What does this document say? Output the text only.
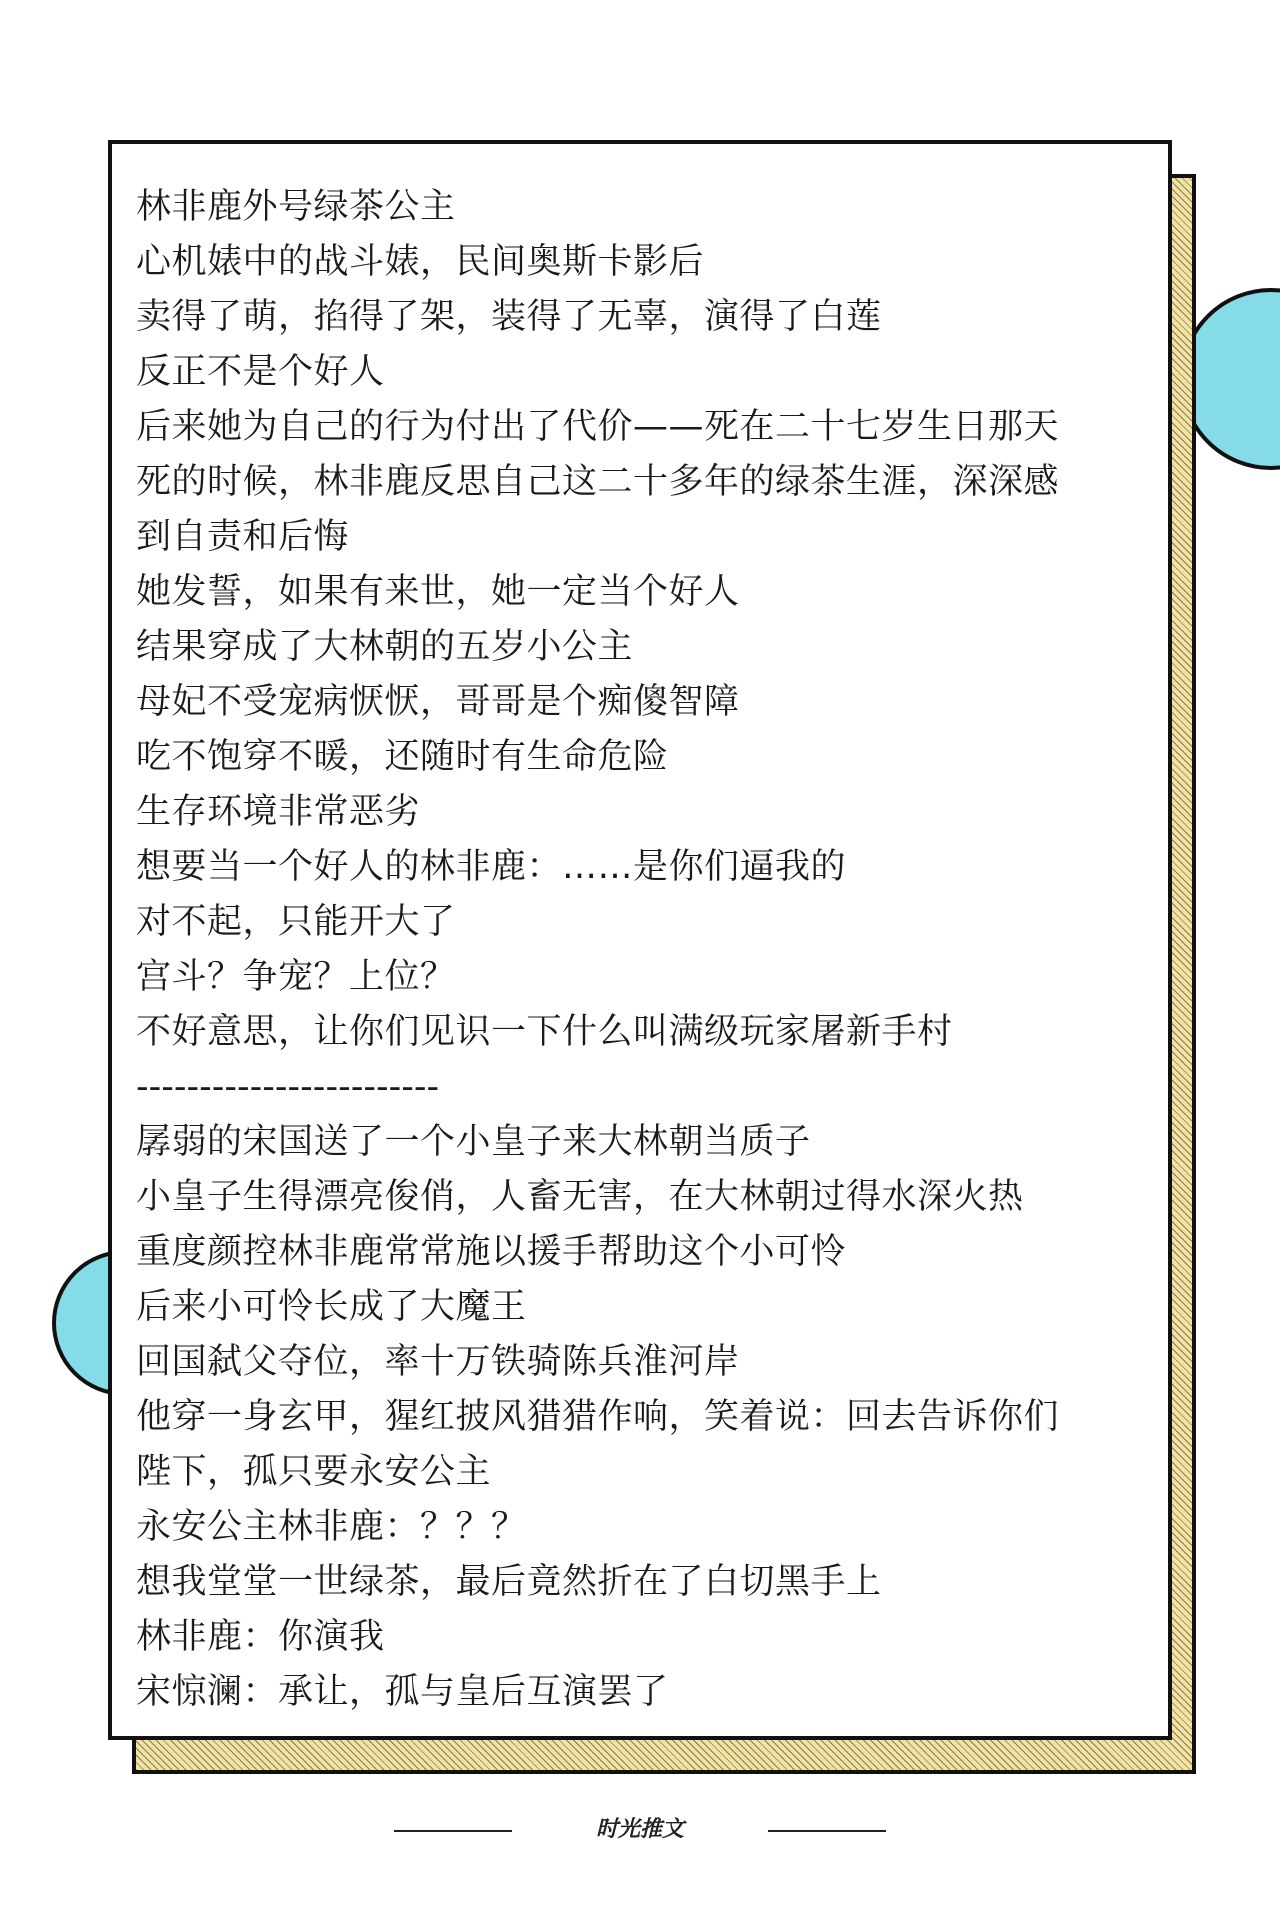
林非鹿外号绿茶公主
心机婊中的战斗婊，民间奥斯卡影后
卖得了萌，掐得了架，装得了无辜，演得了白莲
反正不是个好人
后来她为自己的行为付出了代价——死在二十七岁生日那天
死的时候，林非鹿反思自己这二十多年的绿茶生涯，深深感
到自责和后悔
她发誓，如果有来世，她一定当个好人
结果穿成了大林朝的五岁小公主
母妃不受宠病恹恹，哥哥是个痴傻智障
吃不饱穿不暖，还随时有生命危险
生存环境非常恶劣
想要当一个好人的林非鹿：……是你们逼我的
对不起，只能开大了
宫斗？争宠？上位？
不好意思，让你们见识一下什么叫满级玩家屠新手村
------------------------
孱弱的宋国送了一个小皇子来大林朝当质子
小皇子生得漂亮俊俏，人畜无害，在大林朝过得水深火热
重度颜控林非鹿常常施以援手帮助这个小可怜
后来小可怜长成了大魔王
回国弑父夺位，率十万铁骑陈兵淮河岸
他穿一身玄甲，猩红披风猎猎作响，笑着说：回去告诉你们
陛下，孤只要永安公主
永安公主林非鹿：？？？
想我堂堂一世绿茶，最后竟然折在了白切黑手上
林非鹿：你演我
宋惊澜：承让，孤与皇后互演罢了
时光推文
